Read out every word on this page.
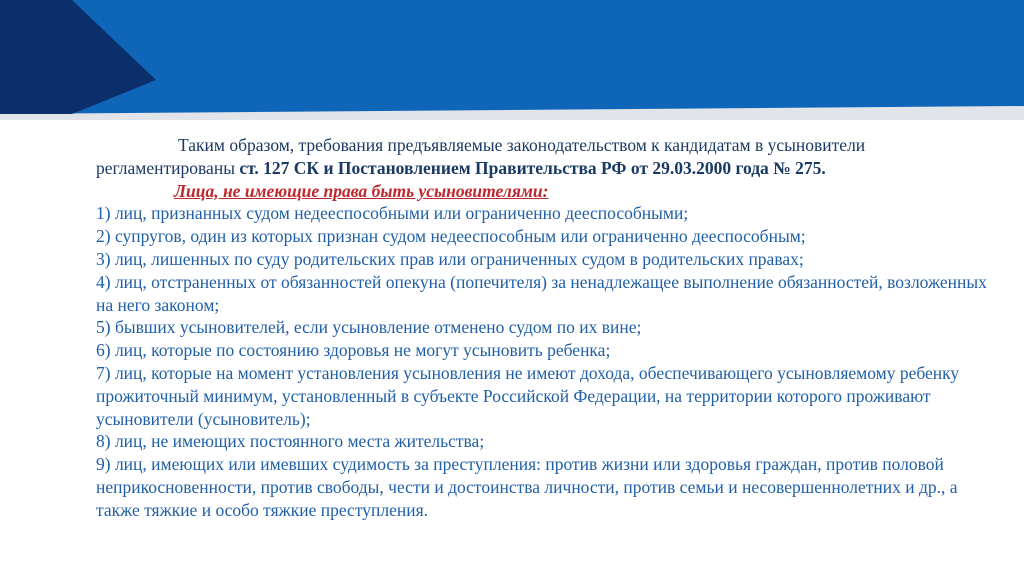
Таким образом, требования предъявляемые законодательством к кандидатам в усыновители регламентированы ст. 127 СК и Постановлением Правительства РФ от 29.03.2000 года № 275.

Лица, не имеющие права быть усыновителями:

1) лиц, признанных судом недееспособными или ограниченно дееспособными;
2) супругов, один из которых признан судом недееспособным или ограниченно дееспособным;
3) лиц, лишенных по суду родительских прав или ограниченных судом в родительских правах;
4) лиц, отстраненных от обязанностей опекуна (попечителя) за ненадлежащее выполнение обязанностей, возложенных на него законом;
5) бывших усыновителей, если усыновление отменено судом по их вине;
6) лиц, которые по состоянию здоровья не могут усыновить ребенка;
7) лиц, которые на момент установления усыновления не имеют дохода, обеспечивающего усыновляемому ребенку прожиточный минимум, установленный в субъекте Российской Федерации, на территории которого проживают усыновители (усыновитель);
8) лиц, не имеющих постоянного места жительства;
9) лиц, имеющих или имевших судимость за преступления: против жизни или здоровья граждан, против половой неприкосновенности, против свободы, чести и достоинства личности, против семьи и несовершеннолетних и др., а также тяжкие и особо тяжкие преступления.
